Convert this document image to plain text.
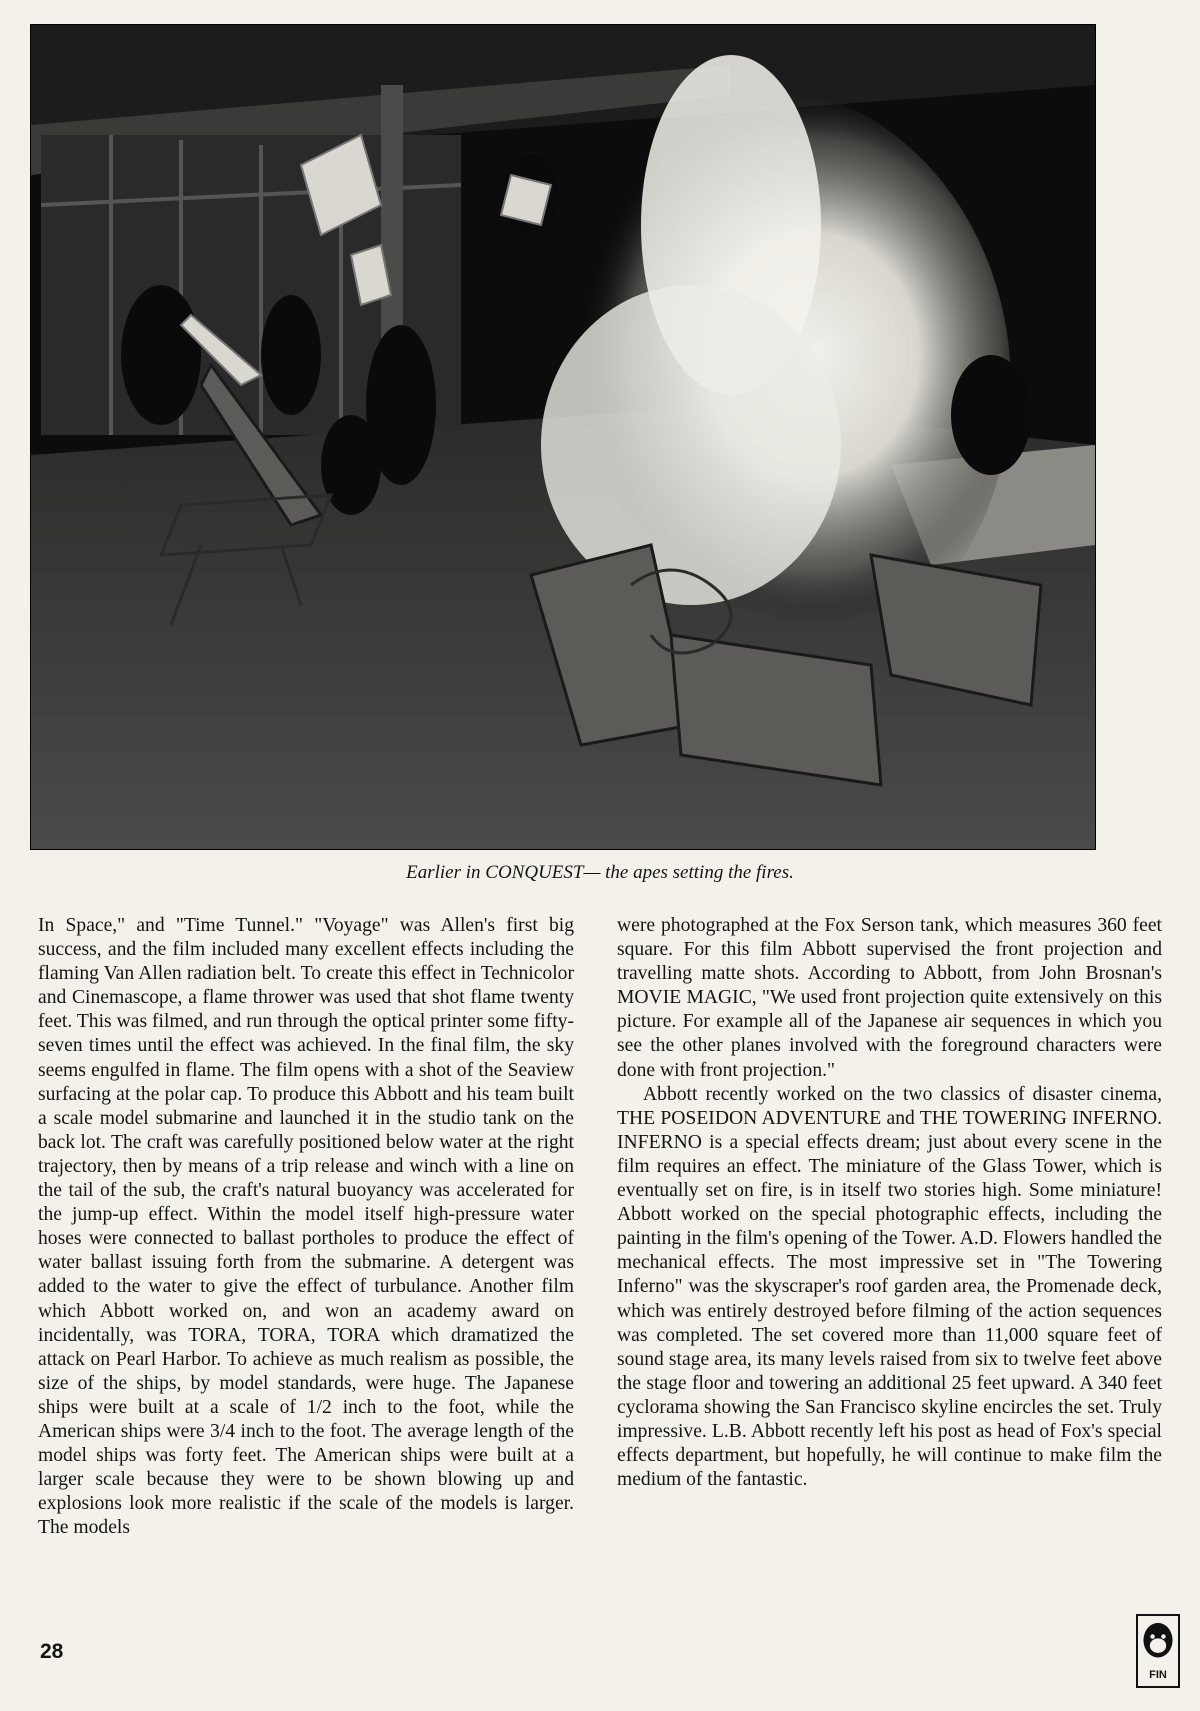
Earlier in CONQUEST— the apes setting the fires.

In Space," and "Time Tunnel." "Voyage" was Allen's first big success, and the film included many excellent effects including the flaming Van Allen radiation belt. To create this effect in Technicolor and Cinemascope, a flame thrower was used that shot flame twenty feet. This was filmed, and run through the optical printer some fifty-seven times until the effect was achieved. In the final film, the sky seems engulfed in flame. The film opens with a shot of the Seaview surfacing at the polar cap. To produce this Abbott and his team built a scale model submarine and launched it in the studio tank on the back lot. The craft was carefully positioned below water at the right trajectory, then by means of a trip release and winch with a line on the tail of the sub, the craft's natural buoyancy was accelerated for the jump-up effect. Within the model itself high-pressure water hoses were connected to ballast portholes to produce the effect of water ballast issuing forth from the submarine. A detergent was added to the water to give the effect of turbulance. Another film which Abbott worked on, and won an academy award on incidentally, was TORA, TORA, TORA which dramatized the attack on Pearl Harbor. To achieve as much realism as possible, the size of the ships, by model standards, were huge. The Japanese ships were built at a scale of 1/2 inch to the foot, while the American ships were 3/4 inch to the foot. The average length of the model ships was forty feet. The American ships were built at a larger scale because they were to be shown blowing up and explosions look more realistic if the scale of the models is larger. The models

were photographed at the Fox Serson tank, which measures 360 feet square. For this film Abbott supervised the front projection and travelling matte shots. According to Abbott, from John Brosnan's MOVIE MAGIC, "We used front projection quite extensively on this picture. For example all of the Japanese air sequences in which you see the other planes involved with the foreground characters were done with front projection."

Abbott recently worked on the two classics of disaster cinema, THE POSEIDON ADVENTURE and THE TOWERING INFERNO. INFERNO is a special effects dream; just about every scene in the film requires an effect. The miniature of the Glass Tower, which is eventually set on fire, is in itself two stories high. Some miniature! Abbott worked on the special photographic effects, including the painting in the film's opening of the Tower. A.D. Flowers handled the mechanical effects. The most impressive set in "The Towering Inferno" was the skyscraper's roof garden area, the Promenade deck, which was entirely destroyed before filming of the action sequences was completed. The set covered more than 11,000 square feet of sound stage area, its many levels raised from six to twelve feet above the stage floor and towering an additional 25 feet upward. A 340 feet cyclorama showing the San Francisco skyline encircles the set. Truly impressive. L.B. Abbott recently left his post as head of Fox's special effects department, but hopefully, he will continue to make film the medium of the fantastic.

28
FIN
